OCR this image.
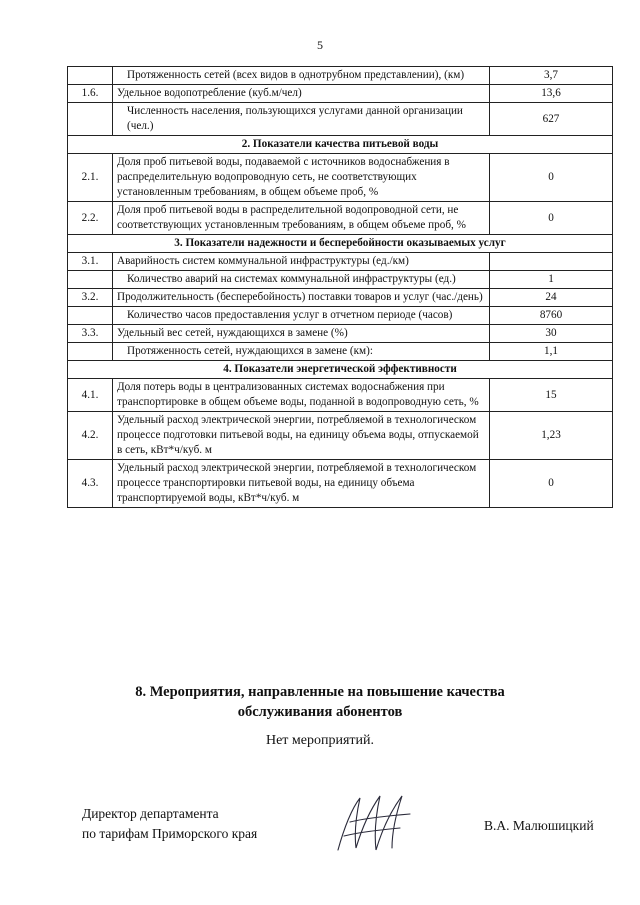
5
	Протяженность сетей (всех видов в однотрубном представлении), (км)	3,7
1.6.	Удельное водопотребление (куб.м/чел)	13,6
	Численность населения, пользующихся услугами данной организации (чел.)	627
2. Показатели качества питьевой воды		
2.1.	Доля проб питьевой воды, подаваемой с источников водоснабжения в распределительную водопроводную сеть, не соответствующих установленным требованиям, в общем объеме проб, %	0
2.2.	Доля проб питьевой воды в распределительной водопроводной сети, не соответствующих установленным требованиям, в общем объеме проб, %	0
3. Показатели надежности и бесперебойности оказываемых услуг		
3.1.	Аварийность систем коммунальной инфраструктуры (ед./км)	
	Количество аварий на системах коммунальной инфраструктуры (ед.)	1
3.2.	Продолжительность (бесперебойность) поставки товаров и услуг (час./день)	24
	Количество часов предоставления услуг в отчетном периоде (часов)	8760
3.3.	Удельный вес сетей, нуждающихся в замене (%)	30
	Протяженность сетей, нуждающихся в замене (км):	1,1
4. Показатели энергетической эффективности		
4.1.	Доля потерь воды в централизованных системах водоснабжения при транспортировке в общем объеме воды, поданной в водопроводную сеть, %	15
4.2.	Удельный расход электрической энергии, потребляемой в технологическом процессе подготовки питьевой воды, на единицу объема воды, отпускаемой в сеть, кВт*ч/куб. м	1,23
4.3.	Удельный расход электрической энергии, потребляемой в технологическом процессе транспортировки питьевой воды, на единицу объема транспортируемой воды, кВт*ч/куб. м	0
8. Мероприятия, направленные на повышение качества
обслуживания абонентов
Нет мероприятий.
Директор департамента
по тарифам Приморского края
В.А. Малюшицкий
